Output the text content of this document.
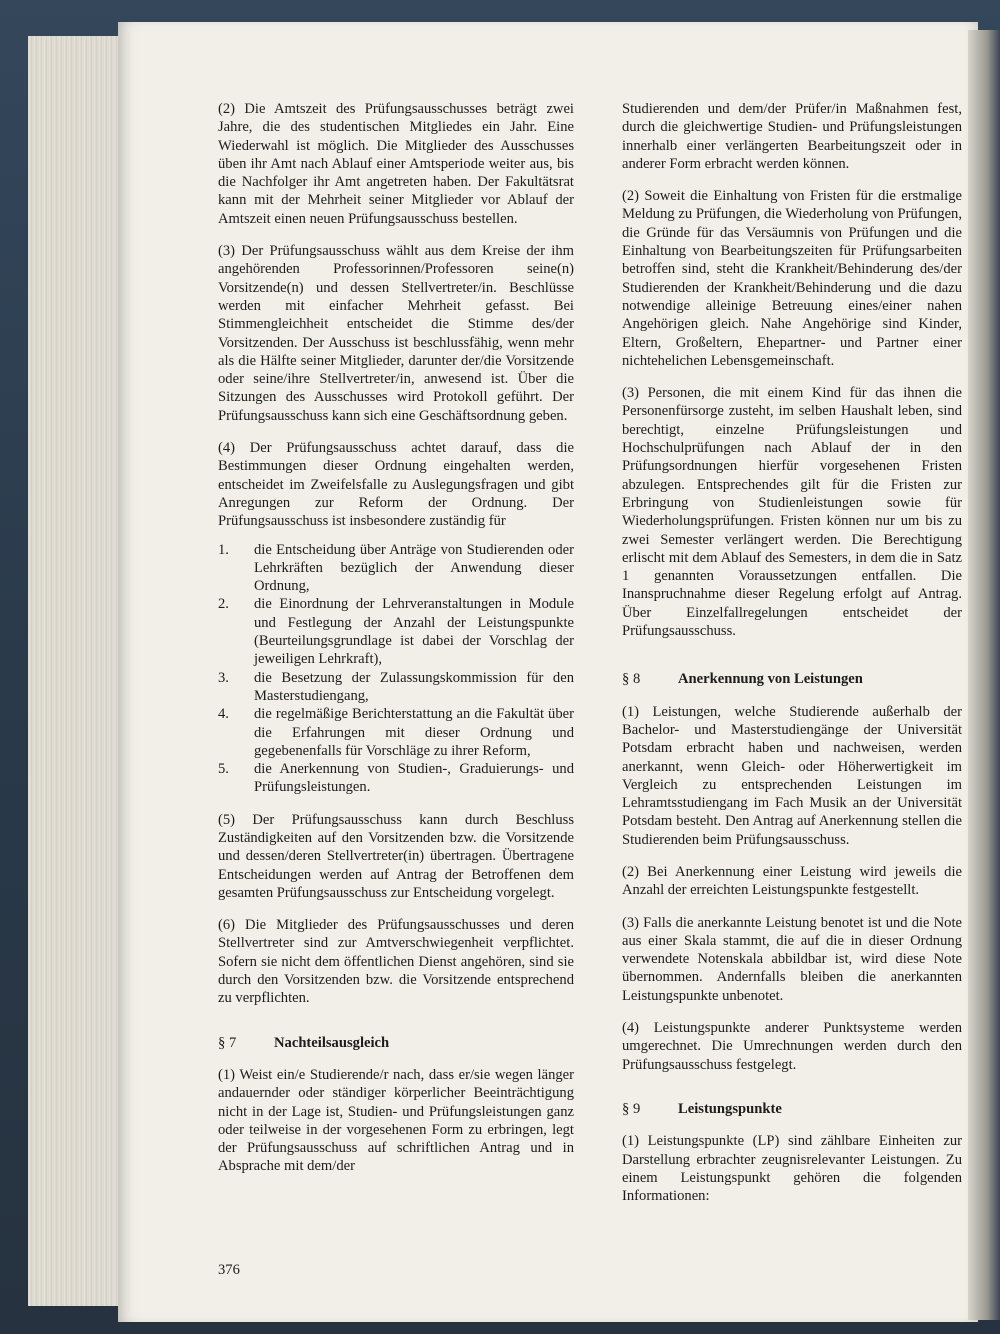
(2) Die Amtszeit des Prüfungsausschusses beträgt zwei Jahre, die des studentischen Mitgliedes ein Jahr. Eine Wiederwahl ist möglich. Die Mitglieder des Ausschusses üben ihr Amt nach Ablauf einer Amtsperiode weiter aus, bis die Nachfolger ihr Amt angetreten haben. Der Fakultätsrat kann mit der Mehrheit seiner Mitglieder vor Ablauf der Amtszeit einen neuen Prüfungsausschuss bestellen.

(3) Der Prüfungsausschuss wählt aus dem Kreise der ihm angehörenden Professorinnen/Professoren seine(n) Vorsitzende(n) und dessen Stellvertreter/in. Beschlüsse werden mit einfacher Mehrheit gefasst. Bei Stimmengleichheit entscheidet die Stimme des/der Vorsitzenden. Der Ausschuss ist beschlussfähig, wenn mehr als die Hälfte seiner Mitglieder, darunter der/die Vorsitzende oder seine/ihre Stellvertreter/in, anwesend ist. Über die Sitzungen des Ausschusses wird Protokoll geführt. Der Prüfungsausschuss kann sich eine Geschäftsordnung geben.

(4) Der Prüfungsausschuss achtet darauf, dass die Bestimmungen dieser Ordnung eingehalten werden, entscheidet im Zweifelsfalle zu Auslegungsfragen und gibt Anregungen zur Reform der Ordnung. Der Prüfungsausschuss ist insbesondere zuständig für

1.	die Entscheidung über Anträge von Studierenden oder Lehrkräften bezüglich der Anwendung dieser Ordnung,
2.	die Einordnung der Lehrveranstaltungen in Module und Festlegung der Anzahl der Leistungspunkte (Beurteilungsgrundlage ist dabei der Vorschlag der jeweiligen Lehrkraft),
3.	die Besetzung der Zulassungskommission für den Masterstudiengang,
4.	die regelmäßige Berichterstattung an die Fakultät über die Erfahrungen mit dieser Ordnung und gegebenenfalls für Vorschläge zu ihrer Reform,
5.	die Anerkennung von Studien-, Graduierungs- und Prüfungsleistungen.

(5) Der Prüfungsausschuss kann durch Beschluss Zuständigkeiten auf den Vorsitzenden bzw. die Vorsitzende und dessen/deren Stellvertreter(in) übertragen. Übertragene Entscheidungen werden auf Antrag der Betroffenen dem gesamten Prüfungsausschuss zur Entscheidung vorgelegt.

(6) Die Mitglieder des Prüfungsausschusses und deren Stellvertreter sind zur Amtverschwiegenheit verpflichtet. Sofern sie nicht dem öffentlichen Dienst angehören, sind sie durch den Vorsitzenden bzw. die Vorsitzende entsprechend zu verpflichten.

§ 7	Nachteilsausgleich

(1) Weist ein/e Studierende/r nach, dass er/sie wegen länger andauernder oder ständiger körperlicher Beeinträchtigung nicht in der Lage ist, Studien- und Prüfungsleistungen ganz oder teilweise in der vorgesehenen Form zu erbringen, legt der Prüfungsausschuss auf schriftlichen Antrag und in Absprache mit dem/der

Studierenden und dem/der Prüfer/in Maßnahmen fest, durch die gleichwertige Studien- und Prüfungsleistungen innerhalb einer verlängerten Bearbeitungszeit oder in anderer Form erbracht werden können.

(2) Soweit die Einhaltung von Fristen für die erstmalige Meldung zu Prüfungen, die Wiederholung von Prüfungen, die Gründe für das Versäumnis von Prüfungen und die Einhaltung von Bearbeitungszeiten für Prüfungsarbeiten betroffen sind, steht die Krankheit/Behinderung des/der Studierenden der Krankheit/Behinderung und die dazu notwendige alleinige Betreuung eines/einer nahen Angehörigen gleich. Nahe Angehörige sind Kinder, Eltern, Großeltern, Ehepartner- und Partner einer nichtehelichen Lebensgemeinschaft.

(3) Personen, die mit einem Kind für das ihnen die Personenfürsorge zusteht, im selben Haushalt leben, sind berechtigt, einzelne Prüfungsleistungen und Hochschulprüfungen nach Ablauf der in den Prüfungsordnungen hierfür vorgesehenen Fristen abzulegen. Entsprechendes gilt für die Fristen zur Erbringung von Studienleistungen sowie für Wiederholungsprüfungen. Fristen können nur um bis zu zwei Semester verlängert werden. Die Berechtigung erlischt mit dem Ablauf des Semesters, in dem die in Satz 1 genannten Voraussetzungen entfallen. Die Inanspruchnahme dieser Regelung erfolgt auf Antrag. Über Einzelfallregelungen entscheidet der Prüfungsausschuss.

§ 8	Anerkennung von Leistungen

(1) Leistungen, welche Studierende außerhalb der Bachelor- und Masterstudiengänge der Universität Potsdam erbracht haben und nachweisen, werden anerkannt, wenn Gleich- oder Höherwertigkeit im Vergleich zu entsprechenden Leistungen im Lehramtsstudiengang im Fach Musik an der Universität Potsdam besteht. Den Antrag auf Anerkennung stellen die Studierenden beim Prüfungsausschuss.

(2) Bei Anerkennung einer Leistung wird jeweils die Anzahl der erreichten Leistungspunkte festgestellt.

(3) Falls die anerkannte Leistung benotet ist und die Note aus einer Skala stammt, die auf die in dieser Ordnung verwendete Notenskala abbildbar ist, wird diese Note übernommen. Andernfalls bleiben die anerkannten Leistungspunkte unbenotet.

(4) Leistungspunkte anderer Punktsysteme werden umgerechnet. Die Umrechnungen werden durch den Prüfungsausschuss festgelegt.

§ 9	Leistungspunkte

(1) Leistungspunkte (LP) sind zählbare Einheiten zur Darstellung erbrachter zeugnisrelevanter Leistungen. Zu einem Leistungspunkt gehören die folgenden Informationen:

376
